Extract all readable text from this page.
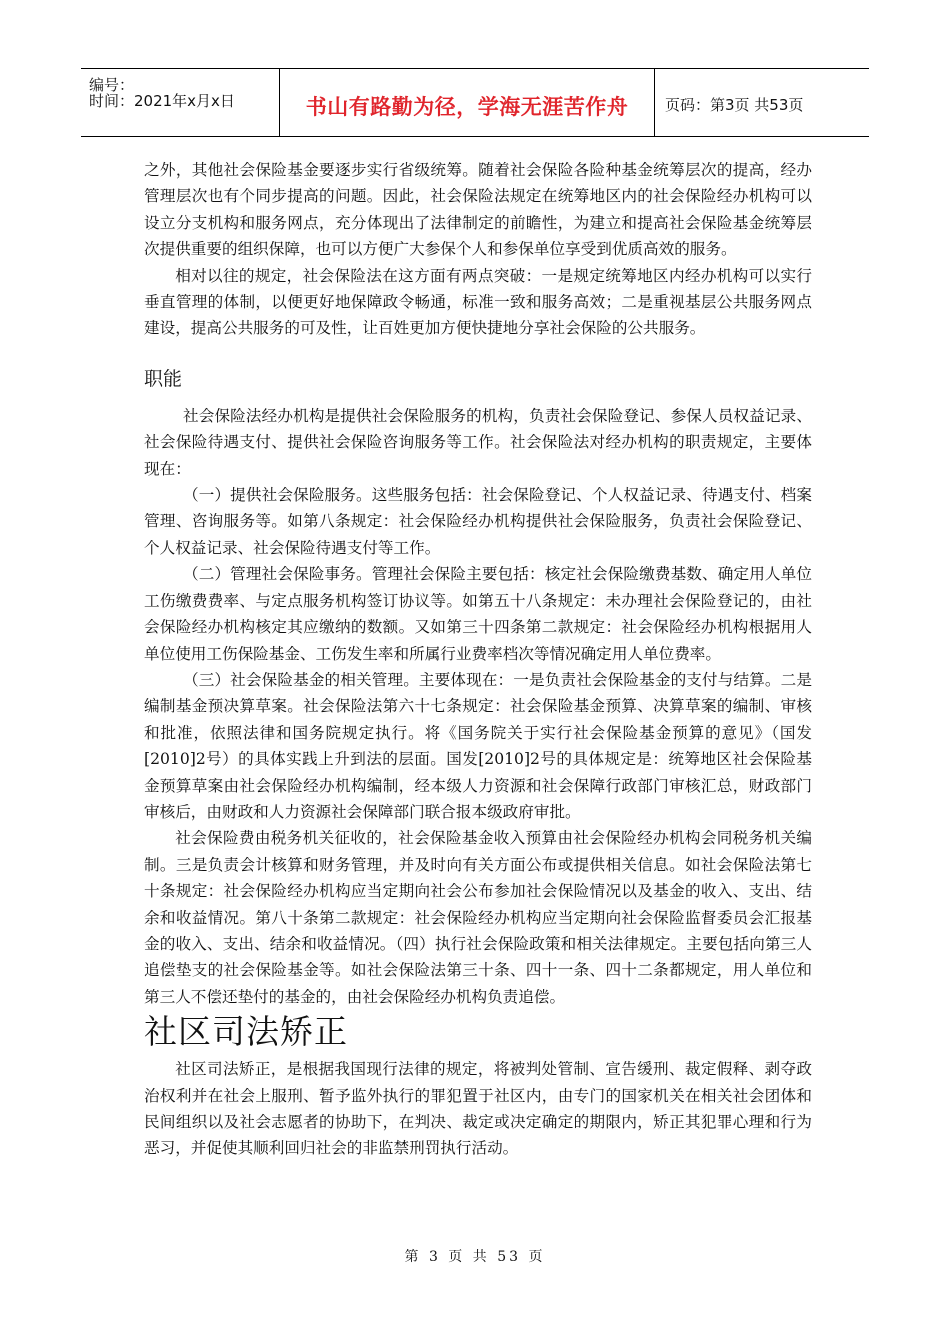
编号：
时间：2021年x月x日	书山有路勤为径，学海无涯苦作舟 页码：第3页 共53页

之外，其他社会保险基金要逐步实行省级统筹。随着社会保险各险种基金统筹层次的提高，经办管理层次也有个同步提高的问题。因此，社会保险法规定在统筹地区内的社会保险经办机构可以设立分支机构和服务网点，充分体现出了法律制定的前瞻性，为建立和提高社会保险基金统筹层次提供重要的组织保障，也可以方便广大参保个人和参保单位享受到优质高效的服务。

相对以往的规定，社会保险法在这方面有两点突破：一是规定统筹地区内经办机构可以实行垂直管理的体制，以便更好地保障政令畅通，标准一致和服务高效；二是重视基层公共服务网点建设，提高公共服务的可及性，让百姓更加方便快捷地分享社会保险的公共服务。

职能

社会保险法经办机构是提供社会保险服务的机构，负责社会保险登记、参保人员权益记录、社会保险待遇支付、提供社会保险咨询服务等工作。社会保险法对经办机构的职责规定，主要体现在：

（一）提供社会保险服务。这些服务包括：社会保险登记、个人权益记录、待遇支付、档案管理、咨询服务等。如第八条规定：社会保险经办机构提供社会保险服务，负责社会保险登记、个人权益记录、社会保险待遇支付等工作。

（二）管理社会保险事务。管理社会保险主要包括：核定社会保险缴费基数、确定用人单位工伤缴费费率、与定点服务机构签订协议等。如第五十八条规定：未办理社会保险登记的，由社会保险经办机构核定其应缴纳的数额。又如第三十四条第二款规定：社会保险经办机构根据用人单位使用工伤保险基金、工伤发生率和所属行业费率档次等情况确定用人单位费率。

（三）社会保险基金的相关管理。主要体现在：一是负责社会保险基金的支付与结算。二是编制基金预决算草案。社会保险法第六十七条规定：社会保险基金预算、决算草案的编制、审核和批准，依照法律和国务院规定执行。将《国务院关于实行社会保险基金预算的意见》（国发[2010]2号）的具体实践上升到法的层面。国发[2010]2号的具体规定是：统筹地区社会保险基金预算草案由社会保险经办机构编制，经本级人力资源和社会保障行政部门审核汇总，财政部门审核后，由财政和人力资源社会保障部门联合报本级政府审批。

社会保险费由税务机关征收的，社会保险基金收入预算由社会保险经办机构会同税务机关编制。三是负责会计核算和财务管理，并及时向有关方面公布或提供相关信息。如社会保险法第七十条规定：社会保险经办机构应当定期向社会公布参加社会保险情况以及基金的收入、支出、结余和收益情况。第八十条第二款规定：社会保险经办机构应当定期向社会保险监督委员会汇报基金的收入、支出、结余和收益情况。（四）执行社会保险政策和相关法律规定。主要包括向第三人追偿垫支的社会保险基金等。如社会保险法第三十条、四十一条、四十二条都规定，用人单位和第三人不偿还垫付的基金的，由社会保险经办机构负责追偿。

社区司法矫正

社区司法矫正，是根据我国现行法律的规定，将被判处管制、宣告缓刑、裁定假释、剥夺政治权利并在社会上服刑、暂予监外执行的罪犯置于社区内，由专门的国家机关在相关社会团体和民间组织以及社会志愿者的协助下，在判决、裁定或决定确定的期限内，矫正其犯罪心理和行为恶习，并促使其顺利回归社会的非监禁刑罚执行活动。

第 3 页 共 53 页
